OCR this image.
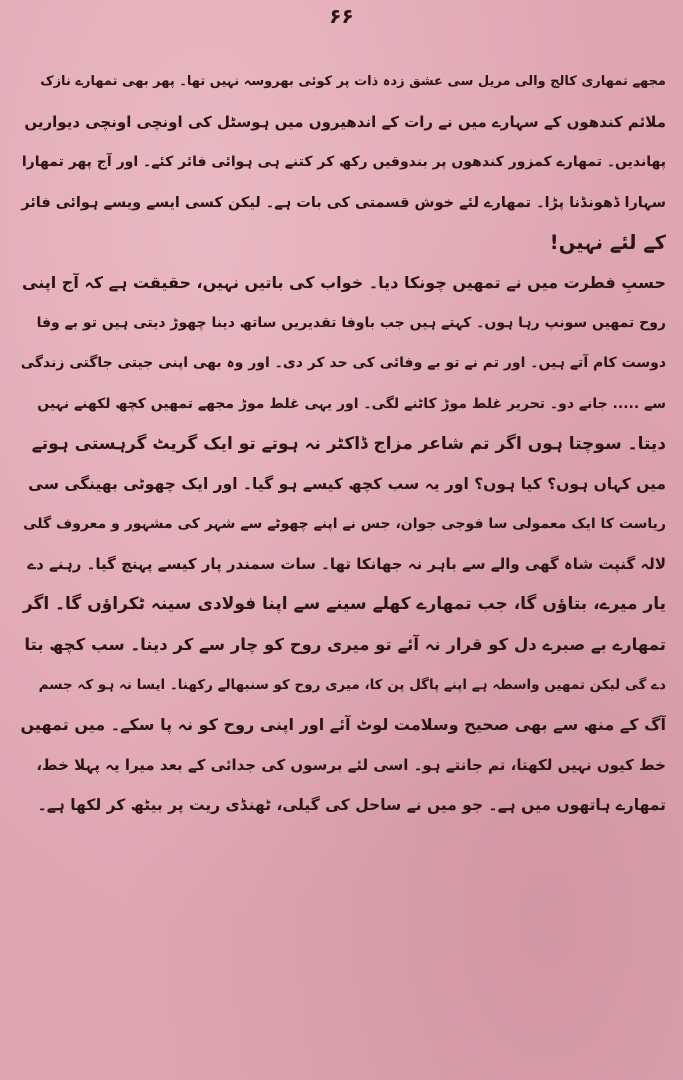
۶۶
مجھے تمھاری کالج والی مریل سی عشق زدہ ذات پر کوئی بھروسہ نہیں تھا۔ پھر بھی تمھارے نازک
ملائم کندھوں کے سہارے میں نے رات کے اندھیروں میں ہوسٹل کی اونچی اونچی دیواریں
پھاندیں۔ تمھارے کمزور کندھوں پر بندوقیں رکھ کر کتنے ہی ہوائی فائر کئے۔ اور آج پھر تمھارا
سہارا ڈھونڈنا پڑا۔ تمھارے لئے خوش قسمتی کی بات ہے۔ لیکن کسی ایسے ویسے ہوائی فائر
کے لئے نہیں!
حسبِ فطرت میں نے تمھیں چونکا دیا۔ خواب کی باتیں نہیں، حقیقت ہے کہ آج اپنی
روح تمھیں سونپ رہا ہوں۔ کہتے ہیں جب باوفا تقدیریں ساتھ دینا چھوڑ دیتی ہیں تو بے وفا
دوست کام آتے ہیں۔ اور تم نے تو بے وفائی کی حد کر دی۔ اور وہ بھی اپنی جیتی جاگتی زندگی
سے ..... جانے دو۔ تحریر غلط موڑ کاٹنے لگی۔ اور یہی غلط موڑ مجھے تمھیں کچھ لکھنے نہیں
دیتا۔ سوچتا ہوں اگر تم شاعر مزاج ڈاکٹر نہ ہوتے تو ایک گریٹ گرہستی ہوتے
میں کہاں ہوں؟ کیا ہوں؟ اور یہ سب کچھ کیسے ہو گیا۔ اور ایک چھوٹی بھینگی سی
ریاست کا ایک معمولی سا فوجی جوان، جس نے اپنے چھوٹے سے شہر کی مشہور و معروف گلی
لالہ گنپت شاہ گھی والے سے باہر نہ جھانکا تھا۔ سات سمندر پار کیسے پہنچ گیا۔ رہنے دے
یار میرے، بتاؤں گا، جب تمھارے کھلے سینے سے اپنا فولادی سینہ ٹکراؤں گا۔ اگر
تمھارے بے صبرے دل کو قرار نہ آئے تو میری روح کو چار سے کر دینا۔ سب کچھ بتا
دے گی لیکن تمھیں واسطہ ہے اپنے پاگل پن کا، میری روح کو سنبھالے رکھنا۔ ایسا نہ ہو کہ جسم
آگ کے منھ سے بھی صحیح وسلامت لوٹ آئے اور اپنی روح کو نہ پا سکے۔ میں تمھیں
خط کیوں نہیں لکھتا، تم جانتے ہو۔ اسی لئے برسوں کی جدائی کے بعد میرا یہ پہلا خط،
تمھارے ہاتھوں میں ہے۔ جو میں نے ساحل کی گیلی، ٹھنڈی ریت پر بیٹھ کر لکھا ہے۔
